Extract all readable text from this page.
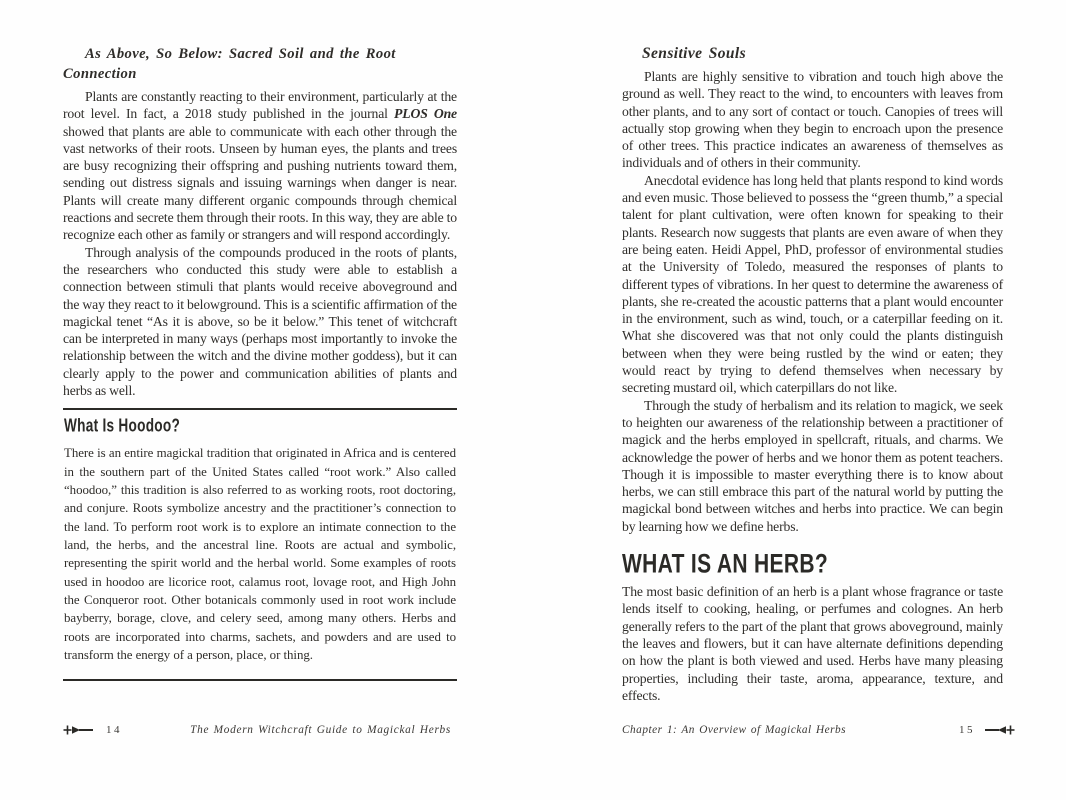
As Above, So Below: Sacred Soil and the Root Connection

Plants are constantly reacting to their environment, particularly at the root level. In fact, a 2018 study published in the journal PLOS One showed that plants are able to communicate with each other through the vast networks of their roots. Unseen by human eyes, the plants and trees are busy recognizing their offspring and pushing nutrients toward them, sending out distress signals and issuing warnings when danger is near. Plants will create many different organic compounds through chemical reactions and secrete them through their roots. In this way, they are able to recognize each other as family or strangers and will respond accordingly.

Through analysis of the compounds produced in the roots of plants, the researchers who conducted this study were able to establish a connection between stimuli that plants would receive aboveground and the way they react to it belowground. This is a scientific affirmation of the magickal tenet “As it is above, so be it below.” This tenet of witchcraft can be interpreted in many ways (perhaps most importantly to invoke the relationship between the witch and the divine mother goddess), but it can clearly apply to the power and communication abilities of plants and herbs as well.

What Is Hoodoo?

There is an entire magickal tradition that originated in Africa and is centered in the southern part of the United States called “root work.” Also called “hoodoo,” this tradition is also referred to as working roots, root doctoring, and conjure. Roots symbolize ancestry and the practitioner’s connection to the land. To perform root work is to explore an intimate connection to the land, the herbs, and the ancestral line. Roots are actual and symbolic, representing the spirit world and the herbal world. Some examples of roots used in hoodoo are licorice root, calamus root, lovage root, and High John the Conqueror root. Other botanicals commonly used in root work include bayberry, borage, clove, and celery seed, among many others. Herbs and roots are incorporated into charms, sachets, and powders and are used to transform the energy of a person, place, or thing.

Sensitive Souls

Plants are highly sensitive to vibration and touch high above the ground as well. They react to the wind, to encounters with leaves from other plants, and to any sort of contact or touch. Canopies of trees will actually stop growing when they begin to encroach upon the presence of other trees. This practice indicates an awareness of themselves as individuals and of others in their community.

Anecdotal evidence has long held that plants respond to kind words and even music. Those believed to possess the “green thumb,” a special talent for plant cultivation, were often known for speaking to their plants. Research now suggests that plants are even aware of when they are being eaten. Heidi Appel, PhD, professor of environmental studies at the University of Toledo, measured the responses of plants to different types of vibrations. In her quest to determine the awareness of plants, she re-created the acoustic patterns that a plant would encounter in the environment, such as wind, touch, or a caterpillar feeding on it. What she discovered was that not only could the plants distinguish between when they were being rustled by the wind or eaten; they would react by trying to defend themselves when necessary by secreting mustard oil, which caterpillars do not like.

Through the study of herbalism and its relation to magick, we seek to heighten our awareness of the relationship between a practitioner of magick and the herbs employed in spellcraft, rituals, and charms. We acknowledge the power of herbs and we honor them as potent teachers. Though it is impossible to master everything there is to know about herbs, we can still embrace this part of the natural world by putting the magickal bond between witches and herbs into practice. We can begin by learning how we define herbs.

WHAT IS AN HERB?

The most basic definition of an herb is a plant whose fragrance or taste lends itself to cooking, healing, or perfumes and colognes. An herb generally refers to the part of the plant that grows aboveground, mainly the leaves and flowers, but it can have alternate definitions depending on how the plant is both viewed and used. Herbs have many pleasing properties, including their taste, aroma, appearance, texture, and effects.

14	The Modern Witchcraft Guide to Magickal Herbs	Chapter 1: An Overview of Magickal Herbs	15
